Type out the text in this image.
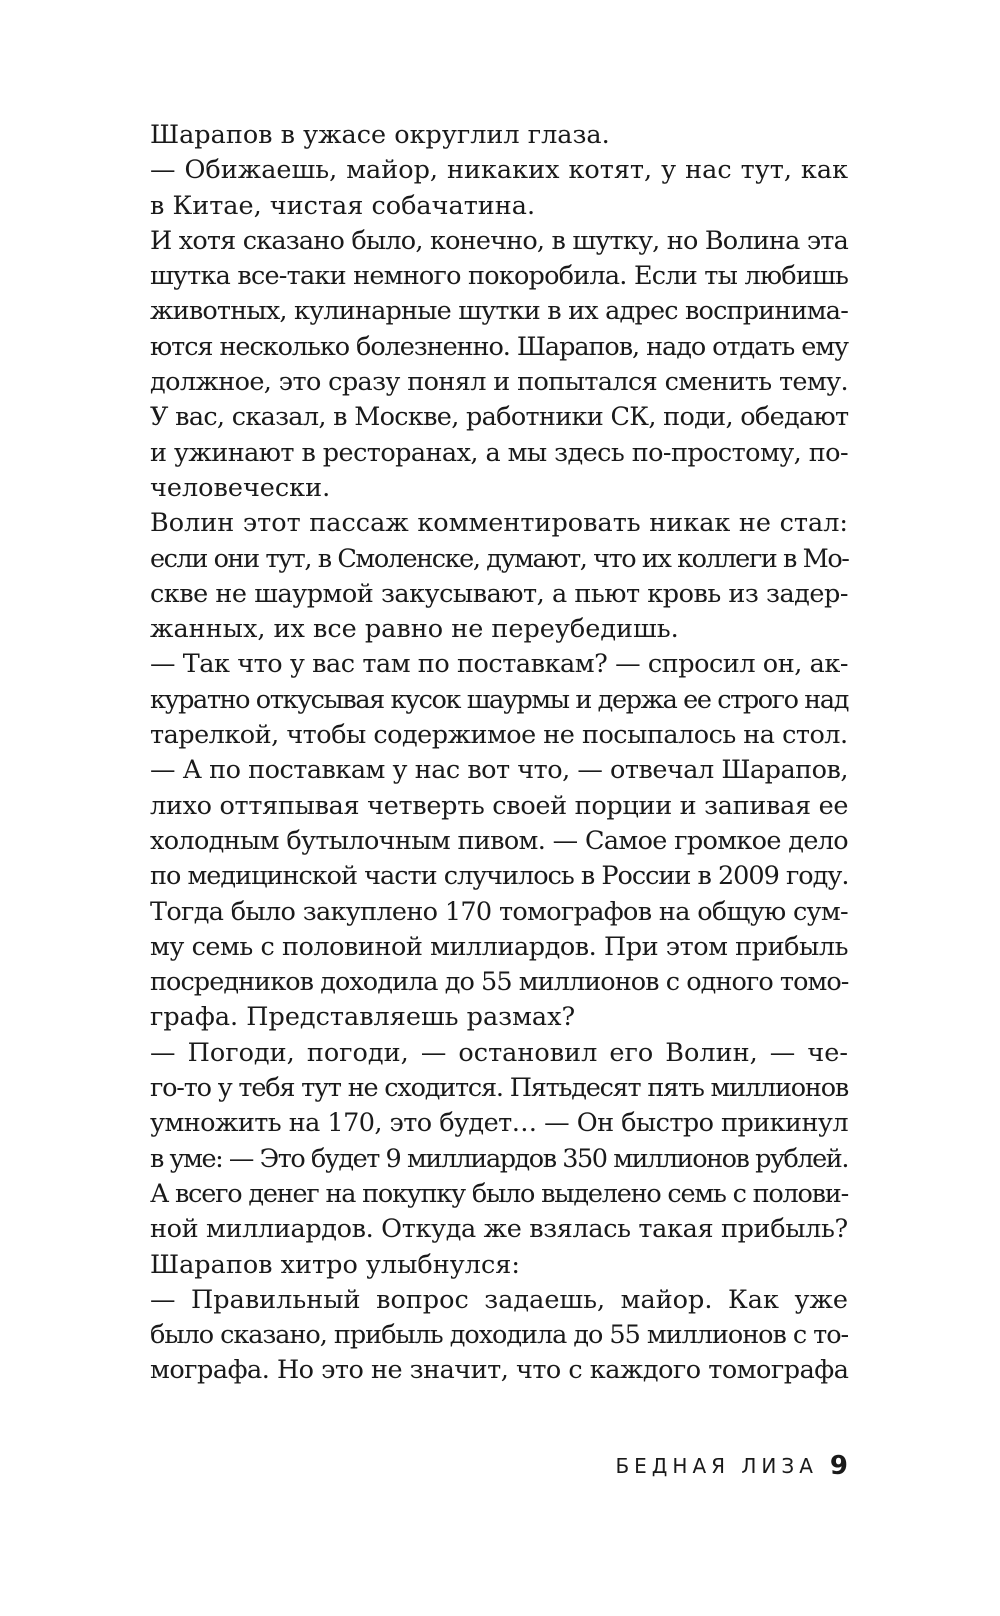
Шарапов в ужасе округлил глаза.

— Обижаешь, майор, никаких котят, у нас тут, как
в Китае, чистая собачатина.

И хотя сказано было, конечно, в шутку, но Волина эта
шутка все-таки немного покоробила. Если ты любишь
животных, кулинарные шутки в их адрес воспринима-
ются несколько болезненно. Шарапов, надо отдать ему
должное, это сразу понял и попытался сменить тему.
У вас, сказал, в Москве, работники СК, поди, обедают
и ужинают в ресторанах, а мы здесь по-простому, по-
человечески.

Волин этот пассаж комментировать никак не стал:
если они тут, в Смоленске, думают, что их коллеги в Мо-
скве не шаурмой закусывают, а пьют кровь из задер-
жанных, их все равно не переубедишь.

— Так что у вас там по поставкам? — спросил он, ак-
куратно откусывая кусок шаурмы и держа ее строго над
тарелкой, чтобы содержимое не посыпалось на стол.

— А по поставкам у нас вот что, — отвечал Шарапов,
лихо оттяпывая четверть своей порции и запивая ее
холодным бутылочным пивом. — Самое громкое дело
по медицинской части случилось в России в 2009 году.
Тогда было закуплено 170 томографов на общую сум-
му семь с половиной миллиардов. При этом прибыль
посредников доходила до 55 миллионов с одного томо-
графа. Представляешь размах?

— Погоди, погоди, — остановил его Волин, — че-
го-то у тебя тут не сходится. Пятьдесят пять миллионов
умножить на 170, это будет… — Он быстро прикинул
в уме: — Это будет 9 миллиардов 350 миллионов рублей.
А всего денег на покупку было выделено семь с полови-
ной миллиардов. Откуда же взялась такая прибыль?

Шарапов хитро улыбнулся:

— Правильный вопрос задаешь, майор. Как уже
было сказано, прибыль доходила до 55 миллионов с то-
мографа. Но это не значит, что с каждого томографа

БЕДНАЯ ЛИЗА 9
